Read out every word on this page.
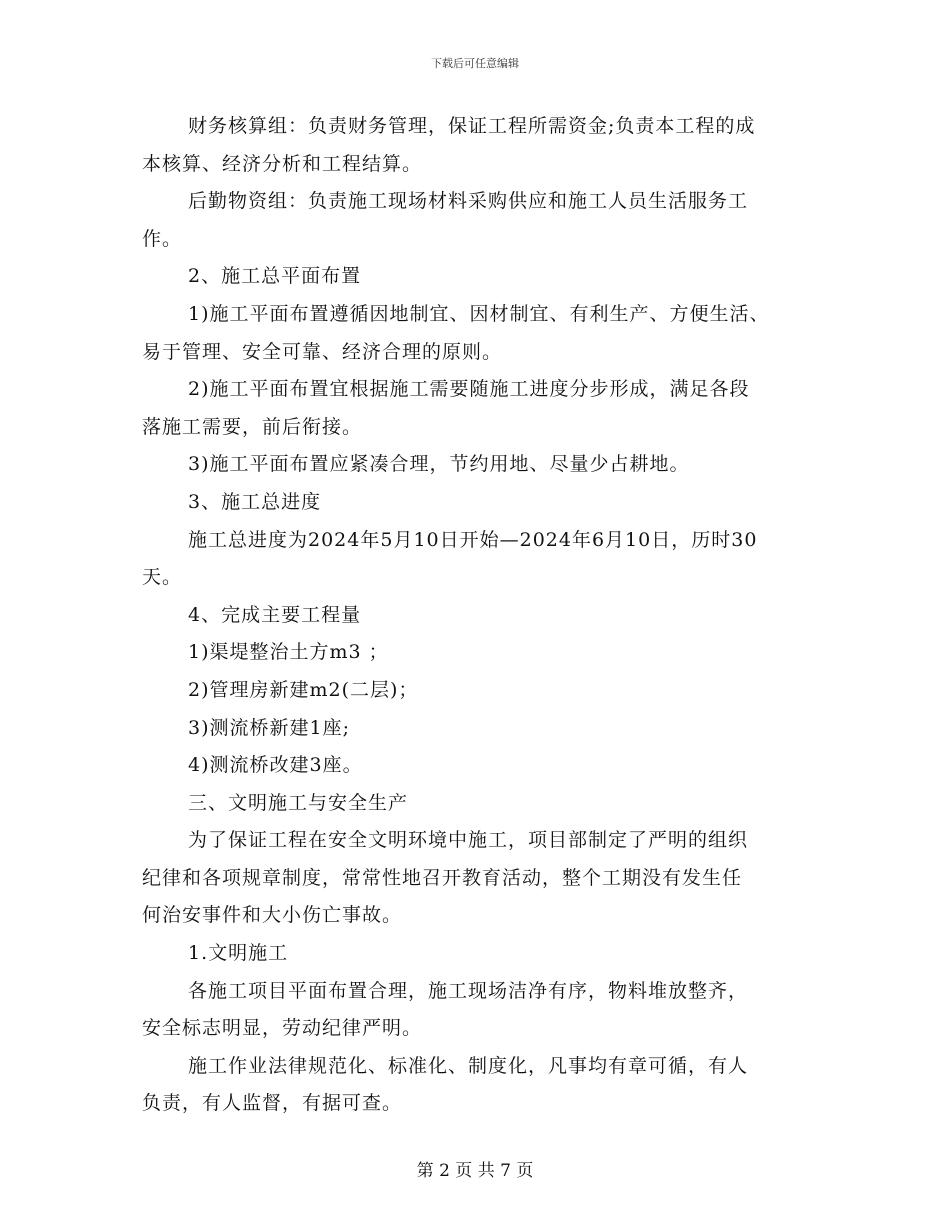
下载后可任意编辑

财务核算组：负责财务管理，保证工程所需资金;负责本工程的成

本核算、经济分析和工程结算。

后勤物资组：负责施工现场材料采购供应和施工人员生活服务工

作。

2、施工总平面布置

1)施工平面布置遵循因地制宜、因材制宜、有利生产、方便生活、

易于管理、安全可靠、经济合理的原则。

2)施工平面布置宜根据施工需要随施工进度分步形成，满足各段

落施工需要，前后衔接。

3)施工平面布置应紧凑合理，节约用地、尽量少占耕地。

3、施工总进度

施工总进度为2024年5月10日开始—2024年6月10日，历时30

天。

4、完成主要工程量

1)渠堤整治土方m3 ；

2)管理房新建m2(二层)；

3)测流桥新建1座;

4)测流桥改建3座。

三、文明施工与安全生产

为了保证工程在安全文明环境中施工，项目部制定了严明的组织

纪律和各项规章制度，常常性地召开教育活动，整个工期没有发生任

何治安事件和大小伤亡事故。

1.文明施工

各施工项目平面布置合理，施工现场洁净有序，物料堆放整齐，

安全标志明显，劳动纪律严明。

施工作业法律规范化、标准化、制度化，凡事均有章可循，有人

负责，有人监督，有据可查。

第 2 页 共 7 页
